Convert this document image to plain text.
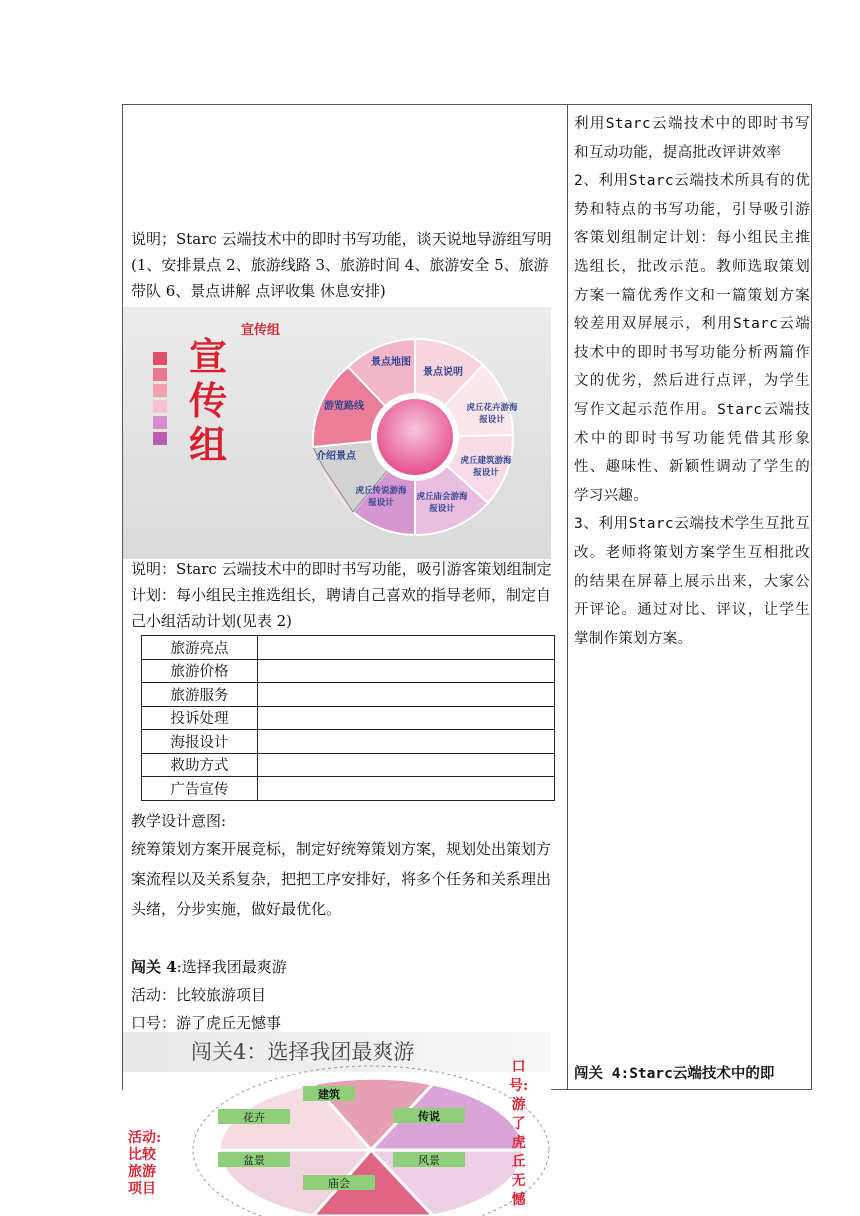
利用Starc云端技术中的即时书写和互动功能，提高批改评讲效率

2、利用Starc云端技术所具有的优势和特点的书写功能，引导吸引游客策划组制定计划：每小组民主推选组长，批改示范。教师选取策划方案一篇优秀作文和一篇策划方案较差用双屏展示，利用Starc云端技术中的即时书写功能分析两篇作文的优劣，然后进行点评，为学生写作文起示范作用。Starc云端技术中的即时书写功能凭借其形象性、趣味性、新颖性调动了学生的学习兴趣。

3、利用Starc云端技术学生互批互改。老师将策划方案学生互相批改的结果在屏幕上展示出来，大家公开评论。通过对比、评议，让学生掌制作策划方案。

闯关 4:Starc云端技术中的即
说明；Starc 云端技术中的即时书写功能，谈天说地导游组写明(1、安排景点 2、旅游线路 3、旅游时间 4、旅游安全 5、旅游带队 6、景点讲解 点评收集 休息安排)
宣
传
组
宣传组
景点地图
景点说明
虎丘花卉游海报设计
虎丘建筑游海报设计
虎丘庙会游海报设计
虎丘传说游海报设计
介绍景点
游览路线
说明：Starc 云端技术中的即时书写功能，吸引游客策划组制定计划：每小组民主推选组长，聘请自己喜欢的指导老师，制定自己小组活动计划(见表 2)
旅游亮点	
旅游价格	
旅游服务	
投诉处理	
海报设计	
救助方式	
广告宣传	
教学设计意图:
统筹策划方案开展竞标，制定好统筹策划方案，规划处出策划方案流程以及关系复杂，把把工序安排好，将多个任务和关系理出头绪，分步实施，做好最优化。
闯关 4:选择我团最爽游
活动：比较旅游项目
口号：游了虎丘无憾事
闯关4：选择我团最爽游
建筑
花卉	传说
盆景	风景
庙会
活动:
比较
旅游
项目
口
号:
游
了
虎
丘
无
憾
